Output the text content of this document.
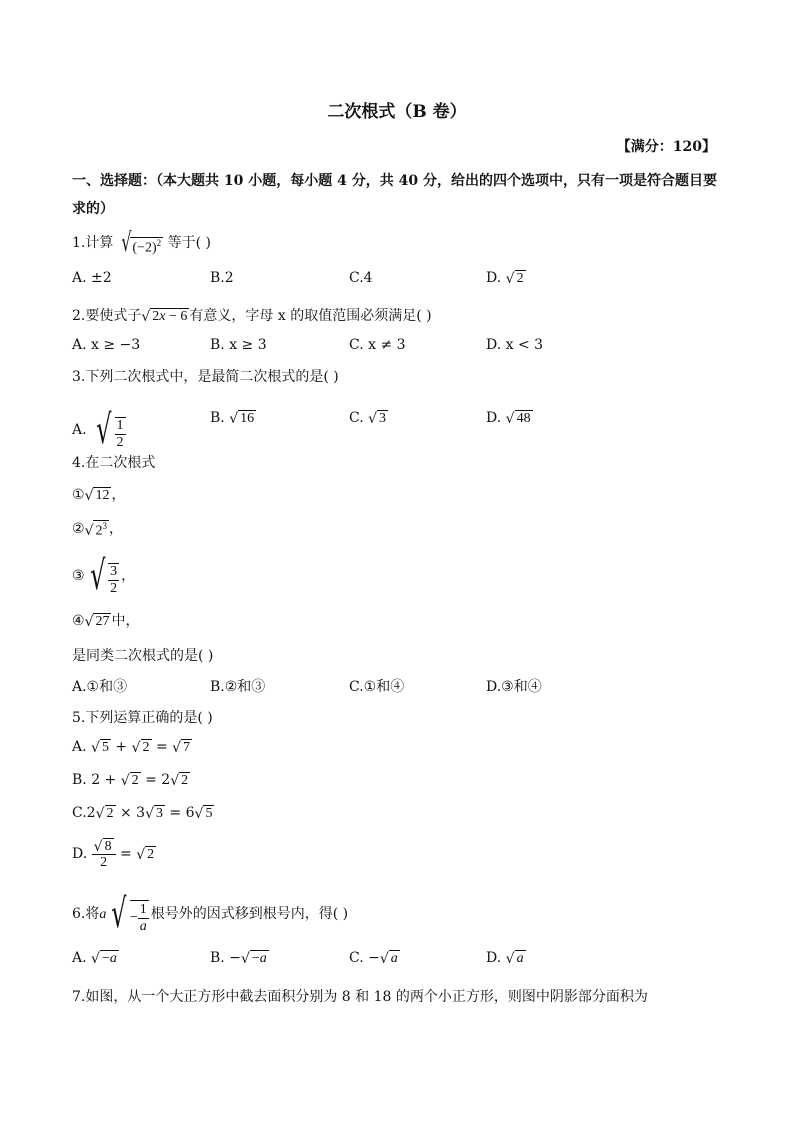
二次根式（B 卷）
【满分：120】
一、选择题：（本大题共 10 小题，每小题 4 分，共 40 分，给出的四个选项中，只有一项是符合题目要求的）
1.计算 $√(-2)^2$ 等于( )
A. ±2	B.2	C.4	D. √ 2
2.要使式子√ 2x − 6 有意义，字母 x 的取值范围必须满足( )
A. x ≥ −3	B. x ≥ 3	C. x ≠ 3	D. x < 3
3.下列二次根式中，是最简二次根式的是( )
A. √ $\frac{1}{2}$	B. √ 16	C. √ 3	D. √ 48
4.在二次根式
①√ 12 ，
②√ $2^3$ ，
③ √ $\frac{3}{2}$ ，
④√ 27 中，
是同类二次根式的是( )
A.①和③	B.②和③	C.①和④	D.③和④
5.下列运算正确的是( )
A. √ 5 + √ 2 = √ 7
B. 2 + √ 2 = 2√ 2
C.2√ 2 × 3√ 3 = 6√ 5
D. $\frac{√ 8}{2}$ = √ 2
6.将a √ − $\frac{1}{a}$ 根号外的因式移到根号内，得( )
A. √ −a	B. −√ −a	C. −√ a	D. √ a
7.如图，从一个大正方形中截去面积分别为 8 和 18 的两个小正方形，则图中阴影部分面积为
